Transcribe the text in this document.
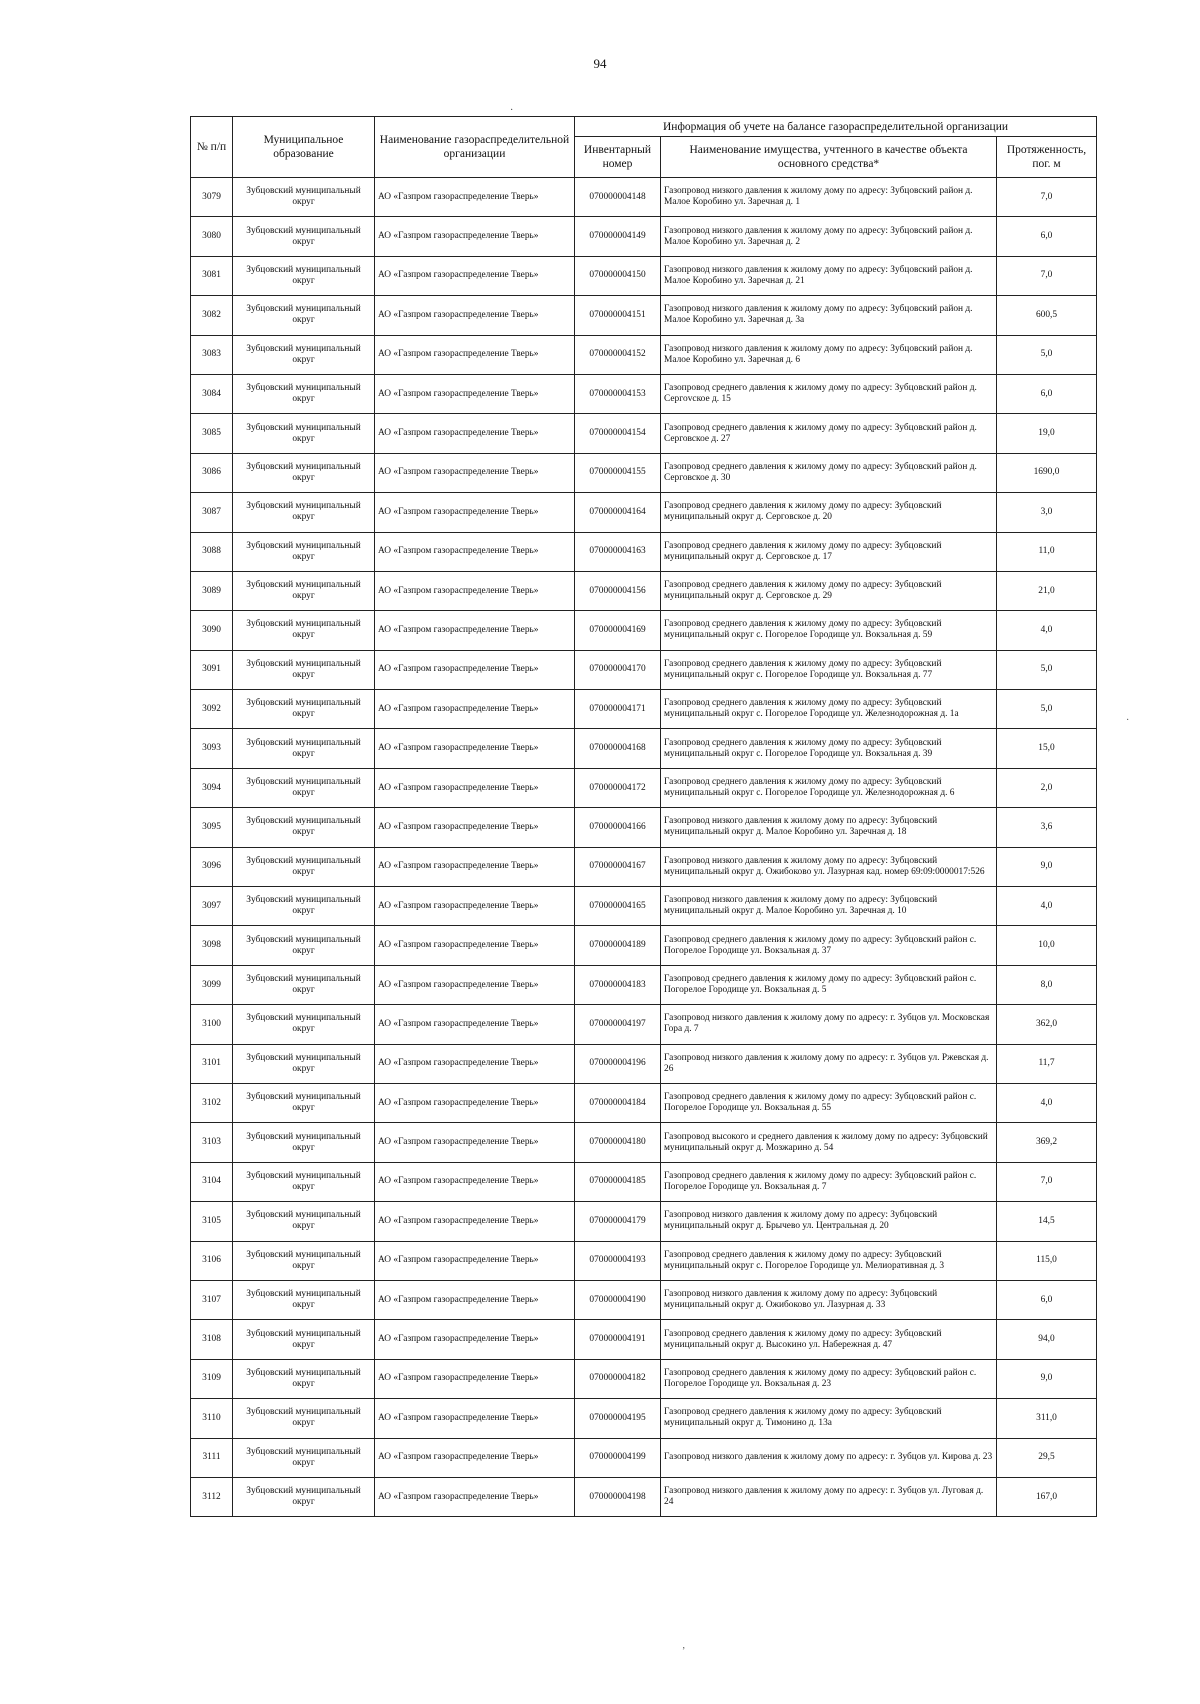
94
·
№ п/п	Муниципальное образование	Наименование газораспределительной организации	Информация об учете на балансе газораспределительной организации		
			Инвентарный номер	Наименование имущества, учтенного в качестве объекта основного средства*	Протяженность, пог. м
3079	Зубцовский муниципальный округ	АО «Газпром газораспределение Тверь»	070000004148	Газопровод низкого давления к жилому дому по адресу: Зубцовский район д. Малое Коробино ул. Заречная д. 1	7,0
3080	Зубцовский муниципальный округ	АО «Газпром газораспределение Тверь»	070000004149	Газопровод низкого давления к жилому дому по адресу: Зубцовский район д. Малое Коробино ул. Заречная д. 2	6,0
3081	Зубцовский муниципальный округ	АО «Газпром газораспределение Тверь»	070000004150	Газопровод низкого давления к жилому дому по адресу: Зубцовский район д. Малое Коробино ул. Заречная д. 21	7,0
3082	Зубцовский муниципальный округ	АО «Газпром газораспределение Тверь»	070000004151	Газопровод низкого давления к жилому дому по адресу: Зубцовский район д. Малое Коробино ул. Заречная д. 3а	600,5
3083	Зубцовский муниципальный округ	АО «Газпром газораспределение Тверь»	070000004152	Газопровод низкого давления к жилому дому по адресу: Зубцовский район д. Малое Коробино ул. Заречная д. 6	5,0
3084	Зубцовский муниципальный округ	АО «Газпром газораспределение Тверь»	070000004153	Газопровод среднего давления к жилому дому по адресу: Зубцовский район д. Сергovское д. 15	6,0
3085	Зубцовский муниципальный округ	АО «Газпром газораспределение Тверь»	070000004154	Газопровод среднего давления к жилому дому по адресу: Зубцовский район д. Серговское д. 27	19,0
3086	Зубцовский муниципальный округ	АО «Газпром газораспределение Тверь»	070000004155	Газопровод среднего давления к жилому дому по адресу: Зубцовский район д. Серговское д. 30	1690,0
3087	Зубцовский муниципальный округ	АО «Газпром газораспределение Тверь»	070000004164	Газопровод среднего давления к жилому дому по адресу: Зубцовский муниципальный округ д. Серговское д. 20	3,0
3088	Зубцовский муниципальный округ	АО «Газпром газораспределение Тверь»	070000004163	Газопровод среднего давления к жилому дому по адресу: Зубцовский муниципальный округ д. Серговское д. 17	11,0
3089	Зубцовский муниципальный округ	АО «Газпром газораспределение Тверь»	070000004156	Газопровод среднего давления к жилому дому по адресу: Зубцовский муниципальный округ д. Серговское д. 29	21,0
3090	Зубцовский муниципальный округ	АО «Газпром газораспределение Тверь»	070000004169	Газопровод среднего давления к жилому дому по адресу: Зубцовский муниципальный округ с. Погорелое Городище ул. Вокзальная д. 59	4,0
3091	Зубцовский муниципальный округ	АО «Газпром газораспределение Тверь»	070000004170	Газопровод среднего давления к жилому дому по адресу: Зубцовский муниципальный округ с. Погорелое Городище ул. Вокзальная д. 77	5,0
3092	Зубцовский муниципальный округ	АО «Газпром газораспределение Тверь»	070000004171	Газопровод среднего давления к жилому дому по адресу: Зубцовский муниципальный округ с. Погорелое Городище ул. Железнодорожная д. 1а	5,0
3093	Зубцовский муниципальный округ	АО «Газпром газораспределение Тверь»	070000004168	Газопровод среднего давления к жилому дому по адресу: Зубцовский муниципальный округ с. Погорелое Городище ул. Вокзальная д. 39	15,0
3094	Зубцовский муниципальный округ	АО «Газпром газораспределение Тверь»	070000004172	Газопровод среднего давления к жилому дому по адресу: Зубцовский муниципальный округ с. Погорелое Городище ул. Железнодорожная д. 6	2,0
3095	Зубцовский муниципальный округ	АО «Газпром газораспределение Тверь»	070000004166	Газопровод низкого давления к жилому дому по адресу: Зубцовский муниципальный округ д. Малое Коробино ул. Заречная д. 18	3,6
3096	Зубцовский муниципальный округ	АО «Газпром газораспределение Тверь»	070000004167	Газопровод низкого давления к жилому дому по адресу: Зубцовский муниципальный округ д. Ожибоково ул. Лазурная кад. номер 69:09:0000017:526	9,0
3097	Зубцовский муниципальный округ	АО «Газпром газораспределение Тверь»	070000004165	Газопровод низкого давления к жилому дому по адресу: Зубцовский муниципальный округ д. Малое Коробино ул. Заречная д. 10	4,0
3098	Зубцовский муниципальный округ	АО «Газпром газораспределение Тверь»	070000004189	Газопровод среднего давления к жилому дому по адресу: Зубцовский район с. Погорелое Городище ул. Вокзальная д. 37	10,0
3099	Зубцовский муниципальный округ	АО «Газпром газораспределение Тверь»	070000004183	Газопровод среднего давления к жилому дому по адресу: Зубцовский район с. Погорелое Городище ул. Вокзальная д. 5	8,0
3100	Зубцовский муниципальный округ	АО «Газпром газораспределение Тверь»	070000004197	Газопровод низкого давления к жилому дому по адресу: г. Зубцов ул. Московская Гора д. 7	362,0
3101	Зубцовский муниципальный округ	АО «Газпром газораспределение Тверь»	070000004196	Газопровод низкого давления к жилому дому по адресу: г. Зубцов ул. Ржевская д. 26	11,7
3102	Зубцовский муниципальный округ	АО «Газпром газораспределение Тверь»	070000004184	Газопровод среднего давления к жилому дому по адресу: Зубцовский район с. Погорелое Городище ул. Вокзальная д. 55	4,0
3103	Зубцовский муниципальный округ	АО «Газпром газораспределение Тверь»	070000004180	Газопровод высокого и среднего давления к жилому дому по адресу: Зубцовский муниципальный округ д. Мозжарино д. 54	369,2
3104	Зубцовский муниципальный округ	АО «Газпром газораспределение Тверь»	070000004185	Газопровод среднего давления к жилому дому по адресу: Зубцовский район с. Погорелое Городище ул. Вокзальная д. 7	7,0
3105	Зубцовский муниципальный округ	АО «Газпром газораспределение Тверь»	070000004179	Газопровод низкого давления к жилому дому по адресу: Зубцовский муниципальный округ д. Брычево ул. Центральная д. 20	14,5
3106	Зубцовский муниципальный округ	АО «Газпром газораспределение Тверь»	070000004193	Газопровод среднего давления к жилому дому по адресу: Зубцовский муниципальный округ с. Погорелое Городище ул. Мелиоративная д. 3	115,0
3107	Зубцовский муниципальный округ	АО «Газпром газораспределение Тверь»	070000004190	Газопровод низкого давления к жилому дому по адресу: Зубцовский муниципальный округ д. Ожибоково ул. Лазурная д. 33	6,0
3108	Зубцовский муниципальный округ	АО «Газпром газораспределение Тверь»	070000004191	Газопровод среднего давления к жилому дому по адресу: Зубцовский муниципальный округ д. Высокино ул. Набережная д. 47	94,0
3109	Зубцовский муниципальный округ	АО «Газпром газораспределение Тверь»	070000004182	Газопровод среднего давления к жилому дому по адресу: Зубцовский район с. Погорелое Городище ул. Вокзальная д. 23	9,0
3110	Зубцовский муниципальный округ	АО «Газпром газораспределение Тверь»	070000004195	Газопровод среднего давления к жилому дому по адресу: Зубцовский муниципальный округ д. Тимонино д. 13а	311,0
3111	Зубцовский муниципальный округ	АО «Газпром газораспределение Тверь»	070000004199	Газопровод низкого давления к жилому дому по адресу: г. Зубцов ул. Кирова д. 23	29,5
3112	Зубцовский муниципальный округ	АО «Газпром газораспределение Тверь»	070000004198	Газопровод низкого давления к жилому дому по адресу: г. Зубцов ул. Луговая д. 24	167,0
·
‚
